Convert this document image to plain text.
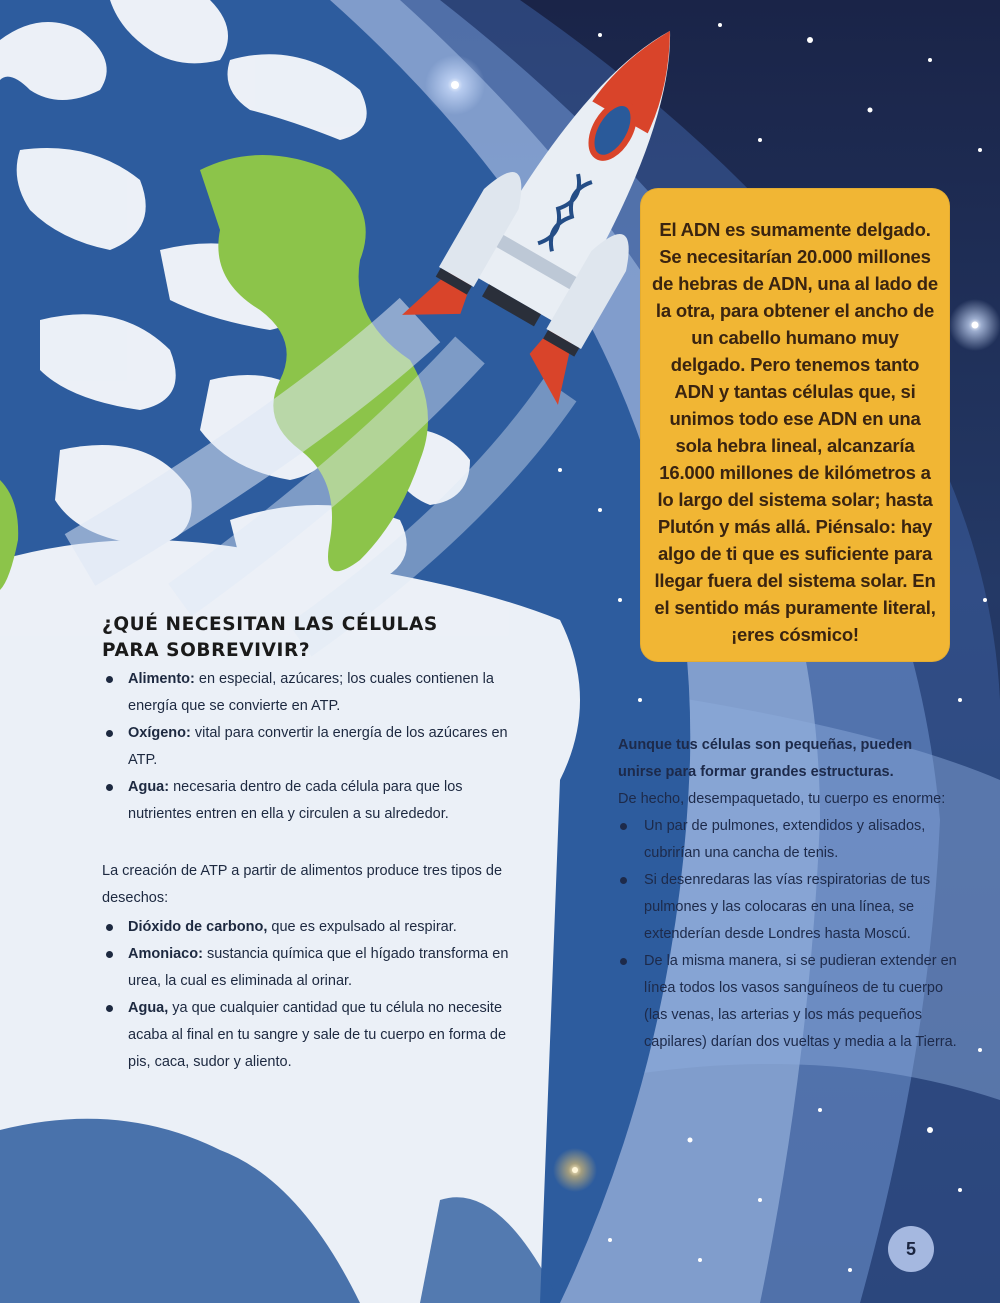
El ADN es sumamente delgado. Se necesitarían 20.000 millones de hebras de ADN, una al lado de la otra, para obtener el ancho de un cabello humano muy delgado. Pero tenemos tanto ADN y tantas células que, si unimos todo ese ADN en una sola hebra lineal, alcanzaría 16.000 millones de kilómetros a lo largo del sistema solar; hasta Plutón y más allá. Piénsalo: hay algo de ti que es suficiente para llegar fuera del sistema solar. En el sentido más puramente literal, ¡eres cósmico!
¿QUÉ NECESITAN LAS CÉLULAS
PARA SOBREVIVIR?
Alimento: en especial, azúcares; los cuales contienen la energía que se convierte en ATP.
Oxígeno: vital para convertir la energía de los azúcares en ATP.
Agua: necesaria dentro de cada célula para que los nutrientes entren en ella y circulen a su alrededor.

La creación de ATP a partir de alimentos produce tres tipos de desechos:

Dióxido de carbono, que es expulsado al respirar.
Amoniaco: sustancia química que el hígado transforma en urea, la cual es eliminada al orinar.
Agua, ya que cualquier cantidad que tu célula no necesite acaba al final en tu sangre y sale de tu cuerpo en forma de pis, caca, sudor y aliento.

Aunque tus células son pequeñas, pueden unirse para formar grandes estructuras.

De hecho, desempaquetado, tu cuerpo es enorme:

Un par de pulmones, extendidos y alisados, cubrirían una cancha de tenis.
Si desenredaras las vías respiratorias de tus pulmones y las colocaras en una línea, se extenderían desde Londres hasta Moscú.
De la misma manera, si se pudieran extender en línea todos los vasos sanguíneos de tu cuerpo (las venas, las arterias y los más pequeños capilares) darían dos vueltas y media a la Tierra.
5
